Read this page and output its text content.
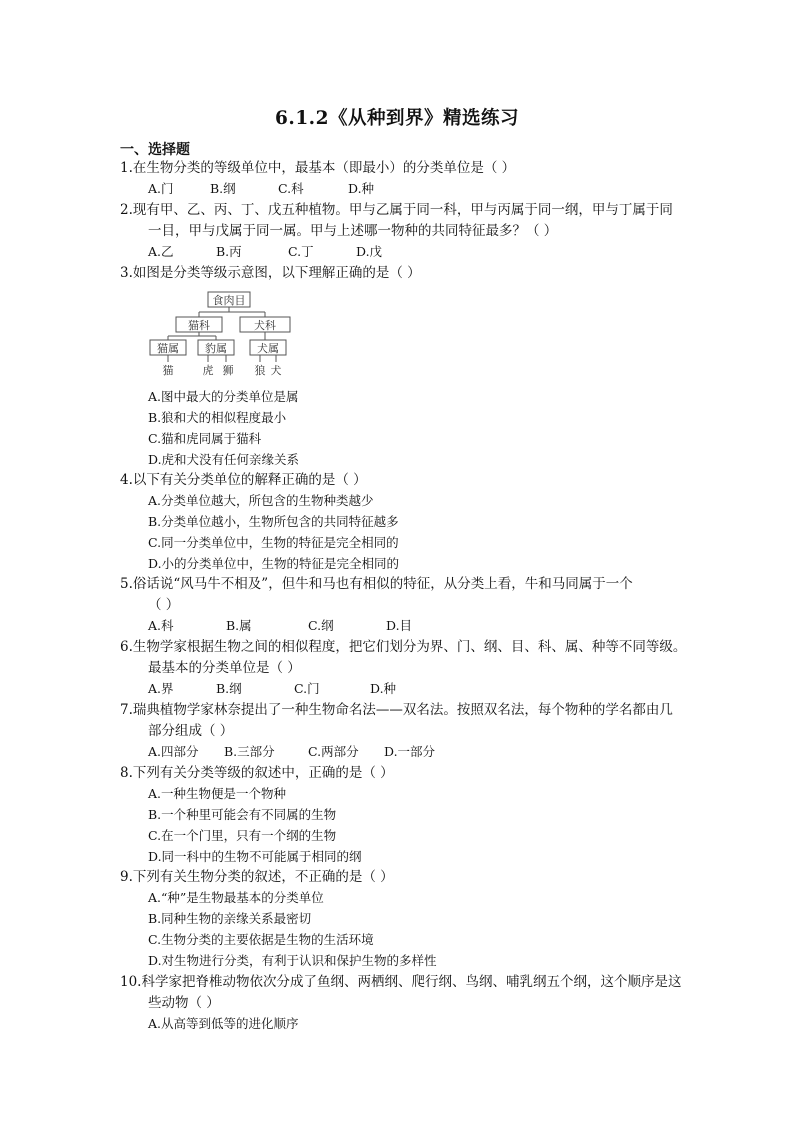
6.1.2《从种到界》精选练习
一、选择题
1.在生物分类的等级单位中，最基本（即最小）的分类单位是（ ）
A.门	B.纲	C.科	D.种
2.现有甲、乙、丙、丁、戊五种植物。甲与乙属于同一科，甲与丙属于同一纲，甲与丁属于同
一目，甲与戊属于同一属。甲与上述哪一物种的共同特征最多？（ ）
A.乙	B.丙	C.丁	D.戊
3.如图是分类等级示意图，以下理解正确的是（ ）
食肉目
猫科	犬科
猫属 豹属	犬属
猫	虎 狮 狼 犬
A.图中最大的分类单位是属
B.狼和犬的相似程度最小
C.猫和虎同属于猫科
D.虎和犬没有任何亲缘关系
4.以下有关分类单位的解释正确的是（ ）
A.分类单位越大，所包含的生物种类越少
B.分类单位越小，生物所包含的共同特征越多
C.同一分类单位中，生物的特征是完全相同的
D.小的分类单位中，生物的特征是完全相同的
5.俗话说“风马牛不相及”，但牛和马也有相似的特征，从分类上看，牛和马同属于一个
（ ）
A.科	B.属	C.纲	D.目
6.生物学家根据生物之间的相似程度，把它们划分为界、门、纲、目、科、属、种等不同等级。
最基本的分类单位是（ ）
A.界	B.纲	C.门	D.种
7.瑞典植物学家林奈提出了一种生物命名法——双名法。按照双名法，每个物种的学名都由几
部分组成（ ）
A.四部分 B.三部分	C.两部分 D.一部分
8.下列有关分类等级的叙述中，正确的是（ ）
A.一种生物便是一个物种
B.一个种里可能会有不同属的生物
C.在一个门里，只有一个纲的生物
D.同一科中的生物不可能属于相同的纲
9.下列有关生物分类的叙述，不正确的是（ ）
A.“种”是生物最基本的分类单位
B.同种生物的亲缘关系最密切
C.生物分类的主要依据是生物的生活环境
D.对生物进行分类，有利于认识和保护生物的多样性
10.科学家把脊椎动物依次分成了鱼纲、两栖纲、爬行纲、鸟纲、哺乳纲五个纲，这个顺序是这
些动物（ ）
A.从高等到低等的进化顺序
